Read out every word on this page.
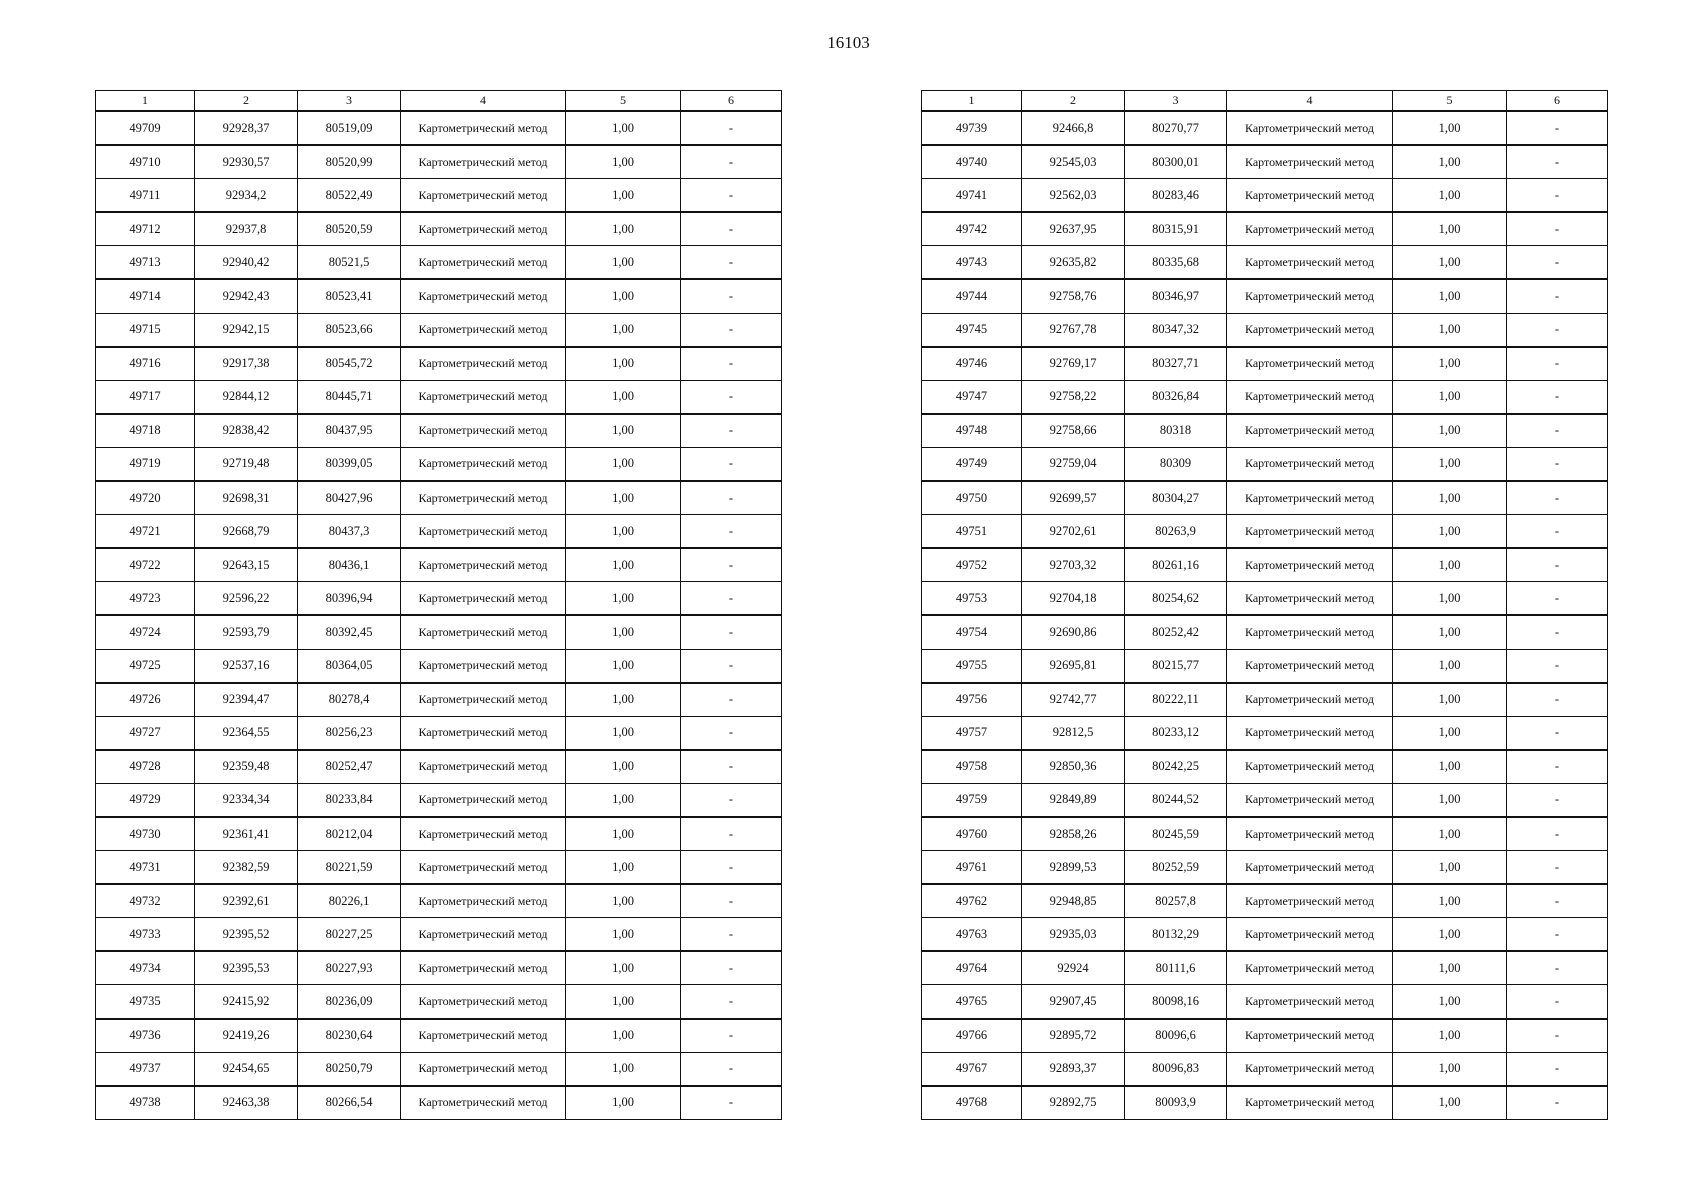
16103
1	2	3	4	5	6
49709	92928,37	80519,09	Картометрический метод	1,00	-
49710	92930,57	80520,99	Картометрический метод	1,00	-
49711	92934,2	80522,49	Картометрический метод	1,00	-
49712	92937,8	80520,59	Картометрический метод	1,00	-
49713	92940,42	80521,5	Картометрический метод	1,00	-
49714	92942,43	80523,41	Картометрический метод	1,00	-
49715	92942,15	80523,66	Картометрический метод	1,00	-
49716	92917,38	80545,72	Картометрический метод	1,00	-
49717	92844,12	80445,71	Картометрический метод	1,00	-
49718	92838,42	80437,95	Картометрический метод	1,00	-
49719	92719,48	80399,05	Картометрический метод	1,00	-
49720	92698,31	80427,96	Картометрический метод	1,00	-
49721	92668,79	80437,3	Картометрический метод	1,00	-
49722	92643,15	80436,1	Картометрический метод	1,00	-
49723	92596,22	80396,94	Картометрический метод	1,00	-
49724	92593,79	80392,45	Картометрический метод	1,00	-
49725	92537,16	80364,05	Картометрический метод	1,00	-
49726	92394,47	80278,4	Картометрический метод	1,00	-
49727	92364,55	80256,23	Картометрический метод	1,00	-
49728	92359,48	80252,47	Картометрический метод	1,00	-
49729	92334,34	80233,84	Картометрический метод	1,00	-
49730	92361,41	80212,04	Картометрический метод	1,00	-
49731	92382,59	80221,59	Картометрический метод	1,00	-
49732	92392,61	80226,1	Картометрический метод	1,00	-
49733	92395,52	80227,25	Картометрический метод	1,00	-
49734	92395,53	80227,93	Картометрический метод	1,00	-
49735	92415,92	80236,09	Картометрический метод	1,00	-
49736	92419,26	80230,64	Картометрический метод	1,00	-
49737	92454,65	80250,79	Картометрический метод	1,00	-
49738	92463,38	80266,54	Картометрический метод	1,00	-
1	2	3	4	5	6
49739	92466,8	80270,77	Картометрический метод	1,00	-
49740	92545,03	80300,01	Картометрический метод	1,00	-
49741	92562,03	80283,46	Картометрический метод	1,00	-
49742	92637,95	80315,91	Картометрический метод	1,00	-
49743	92635,82	80335,68	Картометрический метод	1,00	-
49744	92758,76	80346,97	Картометрический метод	1,00	-
49745	92767,78	80347,32	Картометрический метод	1,00	-
49746	92769,17	80327,71	Картометрический метод	1,00	-
49747	92758,22	80326,84	Картометрический метод	1,00	-
49748	92758,66	80318	Картометрический метод	1,00	-
49749	92759,04	80309	Картометрический метод	1,00	-
49750	92699,57	80304,27	Картометрический метод	1,00	-
49751	92702,61	80263,9	Картометрический метод	1,00	-
49752	92703,32	80261,16	Картометрический метод	1,00	-
49753	92704,18	80254,62	Картометрический метод	1,00	-
49754	92690,86	80252,42	Картометрический метод	1,00	-
49755	92695,81	80215,77	Картометрический метод	1,00	-
49756	92742,77	80222,11	Картометрический метод	1,00	-
49757	92812,5	80233,12	Картометрический метод	1,00	-
49758	92850,36	80242,25	Картометрический метод	1,00	-
49759	92849,89	80244,52	Картометрический метод	1,00	-
49760	92858,26	80245,59	Картометрический метод	1,00	-
49761	92899,53	80252,59	Картометрический метод	1,00	-
49762	92948,85	80257,8	Картометрический метод	1,00	-
49763	92935,03	80132,29	Картометрический метод	1,00	-
49764	92924	80111,6	Картометрический метод	1,00	-
49765	92907,45	80098,16	Картометрический метод	1,00	-
49766	92895,72	80096,6	Картометрический метод	1,00	-
49767	92893,37	80096,83	Картометрический метод	1,00	-
49768	92892,75	80093,9	Картометрический метод	1,00	-
